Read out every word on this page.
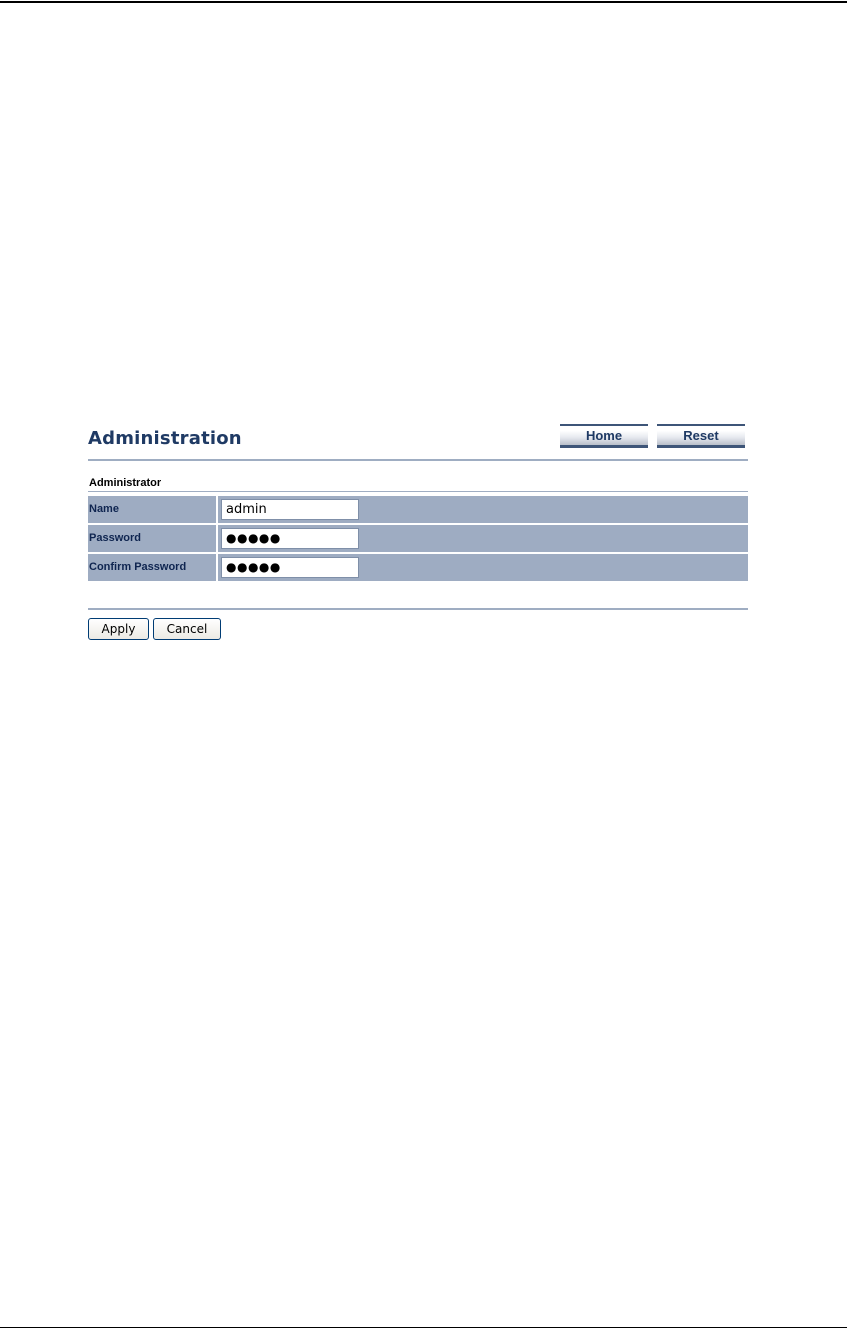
Administration	Home	Reset
Administrator
Name	admin
Password	●●●●●
Confirm Password	●●●●●
Apply	Cancel
